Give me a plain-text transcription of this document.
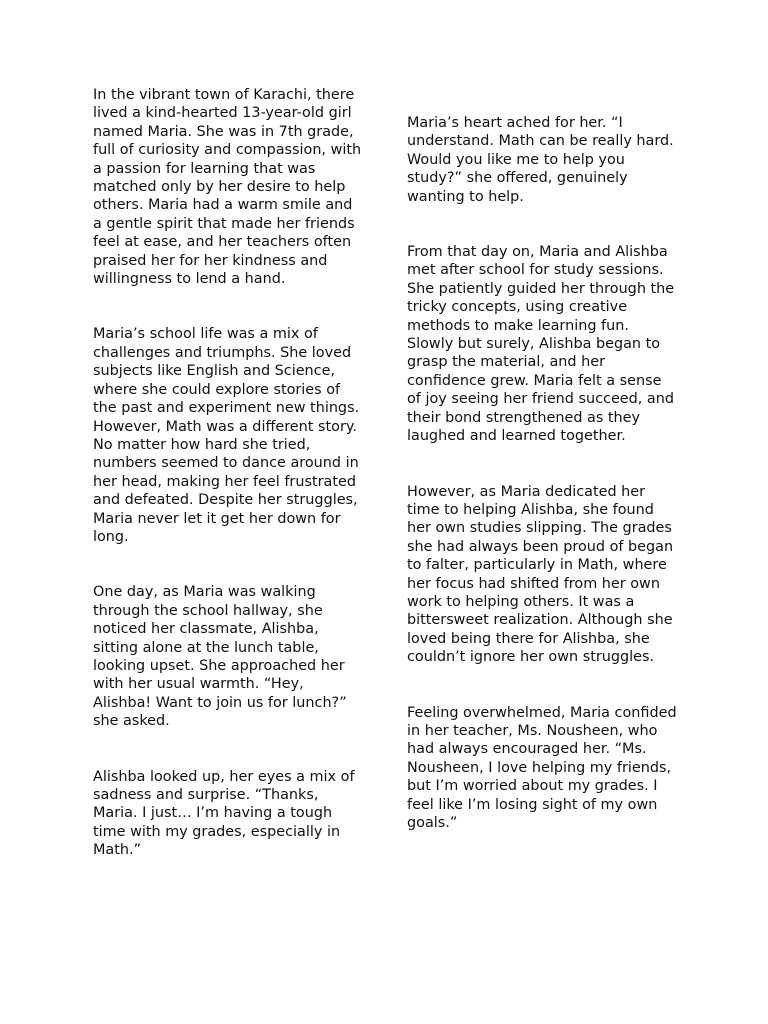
In the vibrant town of Karachi, there lived a kind-hearted 13-year-old girl named Maria. She was in 7th grade, full of curiosity and compassion, with a passion for learning that was matched only by her desire to help others. Maria had a warm smile and a gentle spirit that made her friends feel at ease, and her teachers often praised her for her kindness and willingness to lend a hand.

Maria’s school life was a mix of challenges and triumphs. She loved subjects like English and Science, where she could explore stories of the past and experiment new things. However, Math was a different story. No matter how hard she tried, numbers seemed to dance around in her head, making her feel frustrated and defeated. Despite her struggles, Maria never let it get her down for long.

One day, as Maria was walking through the school hallway, she noticed her classmate, Alishba, sitting alone at the lunch table, looking upset. She approached her with her usual warmth. “Hey, Alishba! Want to join us for lunch?” she asked.

Alishba looked up, her eyes a mix of sadness and surprise. “Thanks, Maria. I just… I’m having a tough time with my grades, especially in Math.”

Maria’s heart ached for her. “I understand. Math can be really hard. Would you like me to help you study?” she offered, genuinely wanting to help.

From that day on, Maria and Alishba met after school for study sessions. She patiently guided her through the tricky concepts, using creative methods to make learning fun. Slowly but surely, Alishba began to grasp the material, and her confidence grew. Maria felt a sense of joy seeing her friend succeed, and their bond strengthened as they laughed and learned together.

However, as Maria dedicated her time to helping Alishba, she found her own studies slipping. The grades she had always been proud of began to falter, particularly in Math, where her focus had shifted from her own work to helping others. It was a bittersweet realization. Although she loved being there for Alishba, she couldn’t ignore her own struggles.

Feeling overwhelmed, Maria confided in her teacher, Ms. Nousheen, who had always encouraged her. “Ms. Nousheen, I love helping my friends, but I’m worried about my grades. I feel like I’m losing sight of my own goals.”
